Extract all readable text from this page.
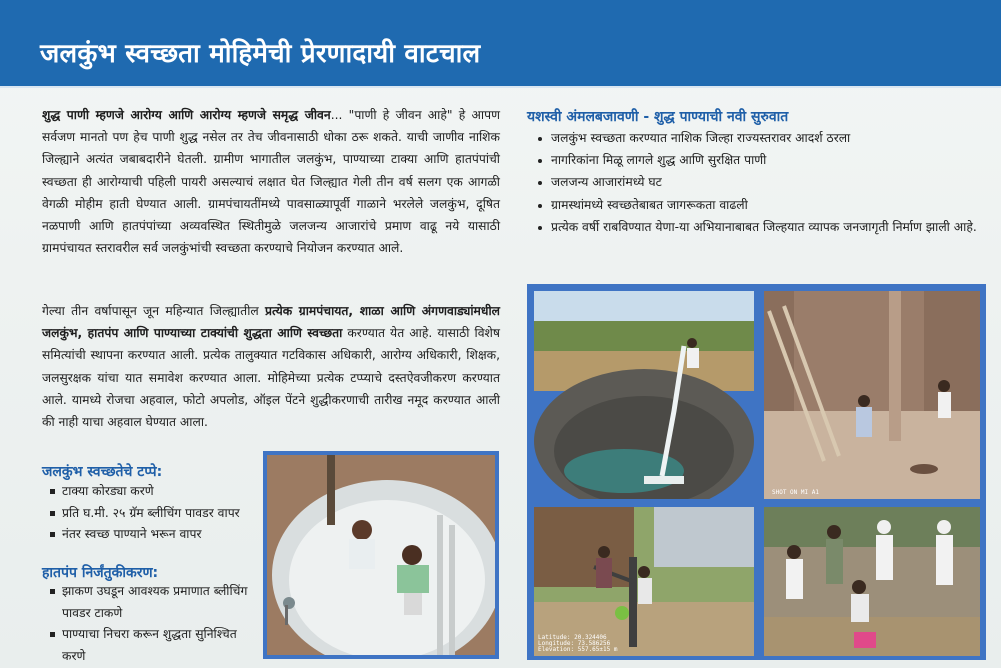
जलकुंभ स्वच्छता मोहिमेची प्रेरणादायी वाटचाल

शुद्ध पाणी म्हणजे आरोग्य आणि आरोग्य म्हणजे समृद्ध जीवन... "पाणी हे जीवन आहे" हे आपण सर्वजण मानतो पण हेच पाणी शुद्ध नसेल तर तेच जीवनासाठी धोका ठरू शकते. याची जाणीव नाशिक जिल्ह्याने अत्यंत जबाबदारीने घेतली. ग्रामीण भागातील जलकुंभ, पाण्याच्या टाक्या आणि हातपंपांची स्वच्छता ही आरोग्याची पहिली पायरी असल्याचं लक्षात घेत जिल्ह्यात गेली तीन वर्ष सलग एक आगळी वेगळी मोहीम हाती घेण्यात आली. ग्रामपंचायतींमध्ये पावसाळ्यापूर्वी गाळाने भरलेले जलकुंभ, दूषित नळपाणी आणि हातपंपांच्या अव्यवस्थित स्थितीमुळे जलजन्य आजारांचे प्रमाण वाढू नये यासाठी ग्रामपंचायत स्तरावरील सर्व जलकुंभांची स्वच्छता करण्याचे नियोजन करण्यात आले.

गेल्या तीन वर्षापासून जून महिन्यात जिल्ह्यातील प्रत्येक ग्रामपंचायत, शाळा आणि अंगणवाड्यांमधील जलकुंभ, हातपंप आणि पाण्याच्या टाक्यांची शुद्धता आणि स्वच्छता करण्यात येत आहे. यासाठी विशेष समित्यांची स्थापना करण्यात आली. प्रत्येक तालुक्यात गटविकास अधिकारी, आरोग्य अधिकारी, शिक्षक, जलसुरक्षक यांचा यात समावेश करण्यात आला. मोहिमेच्या प्रत्येक टप्प्याचे दस्तऐवजीकरण करण्यात आले. यामध्ये रोजचा अहवाल, फोटो अपलोड, ऑइल पेंटने शुद्धीकरणाची तारीख नमूद करण्यात आली की नाही याचा अहवाल घेण्यात आला.

जलकुंभ स्वच्छतेचे टप्पे:
टाक्या कोरड्या करणे
प्रति घ.मी. २५ ग्रॅम ब्लीचिंग पावडर वापर
नंतर स्वच्छ पाण्याने भरून वापर
हातपंप निर्जंतुकीकरण:
झाकण उघडून आवश्यक प्रमाणात ब्लीचिंग पावडर टाकणे
पाण्याचा निचरा करून शुद्धता सुनिश्चित करणे
यशस्वी अंमलबजावणी - शुद्ध पाण्याची नवी सुरुवात
जलकुंभ स्वच्छता करण्यात नाशिक जिल्हा राज्यस्तरावर आदर्श ठरला
नागरिकांना मिळू लागले शुद्ध आणि सुरक्षित पाणी
जलजन्य आजारांमध्ये घट
ग्रामस्थांमध्ये स्वच्छतेबाबत जागरूकता वाढली
प्रत्येक वर्षी राबविण्यात येणा-या अभियानाबाबत जिल्हयात व्यापक जनजागृती निर्माण झाली आहे.
SHOT ON MI A1
Latitude: 20.324406
Longitude: 73.586256
Elevation: 557.65±15 m
